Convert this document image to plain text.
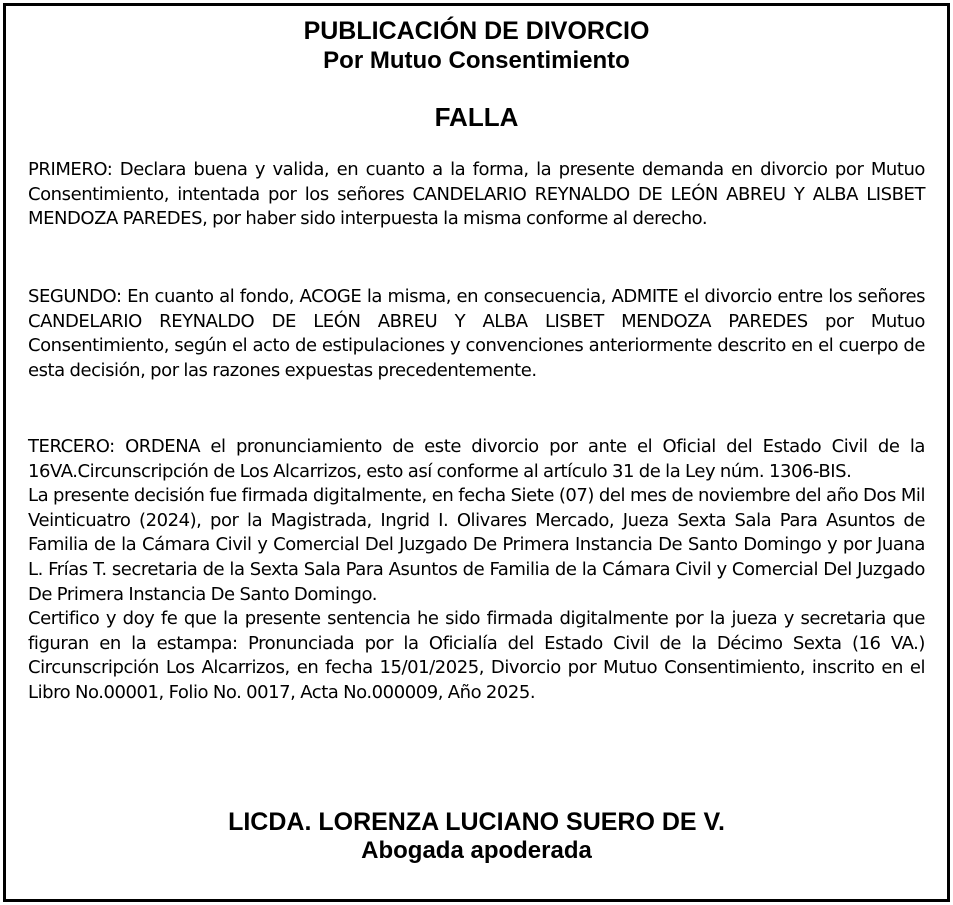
PUBLICACIÓN DE DIVORCIO
Por Mutuo Consentimiento
FALLA

PRIMERO: Declara buena y valida, en cuanto a la forma, la presente demanda en divorcio por Mutuo Consentimiento, intentada por los señores CANDELARIO REYNALDO DE LEÓN ABREU Y ALBA LISBET MENDOZA PAREDES, por haber sido interpuesta la misma conforme al derecho.

SEGUNDO: En cuanto al fondo, ACOGE la misma, en consecuencia, ADMITE el divorcio entre los señores CANDELARIO REYNALDO DE LEÓN ABREU Y ALBA LISBET MENDOZA PAREDES por Mutuo Consentimiento, según el acto de estipulaciones y convenciones anteriormente descrito en el cuerpo de esta decisión, por las razones expuestas precedentemente.

TERCERO: ORDENA el pronunciamiento de este divorcio por ante el Oficial del Estado Civil de la 16VA.Circunscripción de Los Alcarrizos, esto así conforme al artículo 31 de la Ley núm. 1306-BIS.

La presente decisión fue firmada digitalmente, en fecha Siete (07) del mes de noviembre del año Dos Mil Veinticuatro (2024), por la Magistrada, Ingrid I. Olivares Mercado, Jueza Sexta Sala Para Asuntos de Familia de la Cámara Civil y Comercial Del Juzgado De Primera Instancia De Santo Domingo y por Juana L. Frías T. secretaria de la Sexta Sala Para Asuntos de Familia de la Cámara Civil y Comercial Del Juzgado De Primera Instancia De Santo Domingo.

Certifico y doy fe que la presente sentencia he sido firmada digitalmente por la jueza y secretaria que figuran en la estampa: Pronunciada por la Oficialía del Estado Civil de la Décimo Sexta (16 VA.) Circunscripción Los Alcarrizos, en fecha 15/01/2025, Divorcio por Mutuo Consentimiento, inscrito en el Libro No.00001, Folio No. 0017, Acta No.000009, Año 2025.

LICDA. LORENZA LUCIANO SUERO DE V.
Abogada apoderada
